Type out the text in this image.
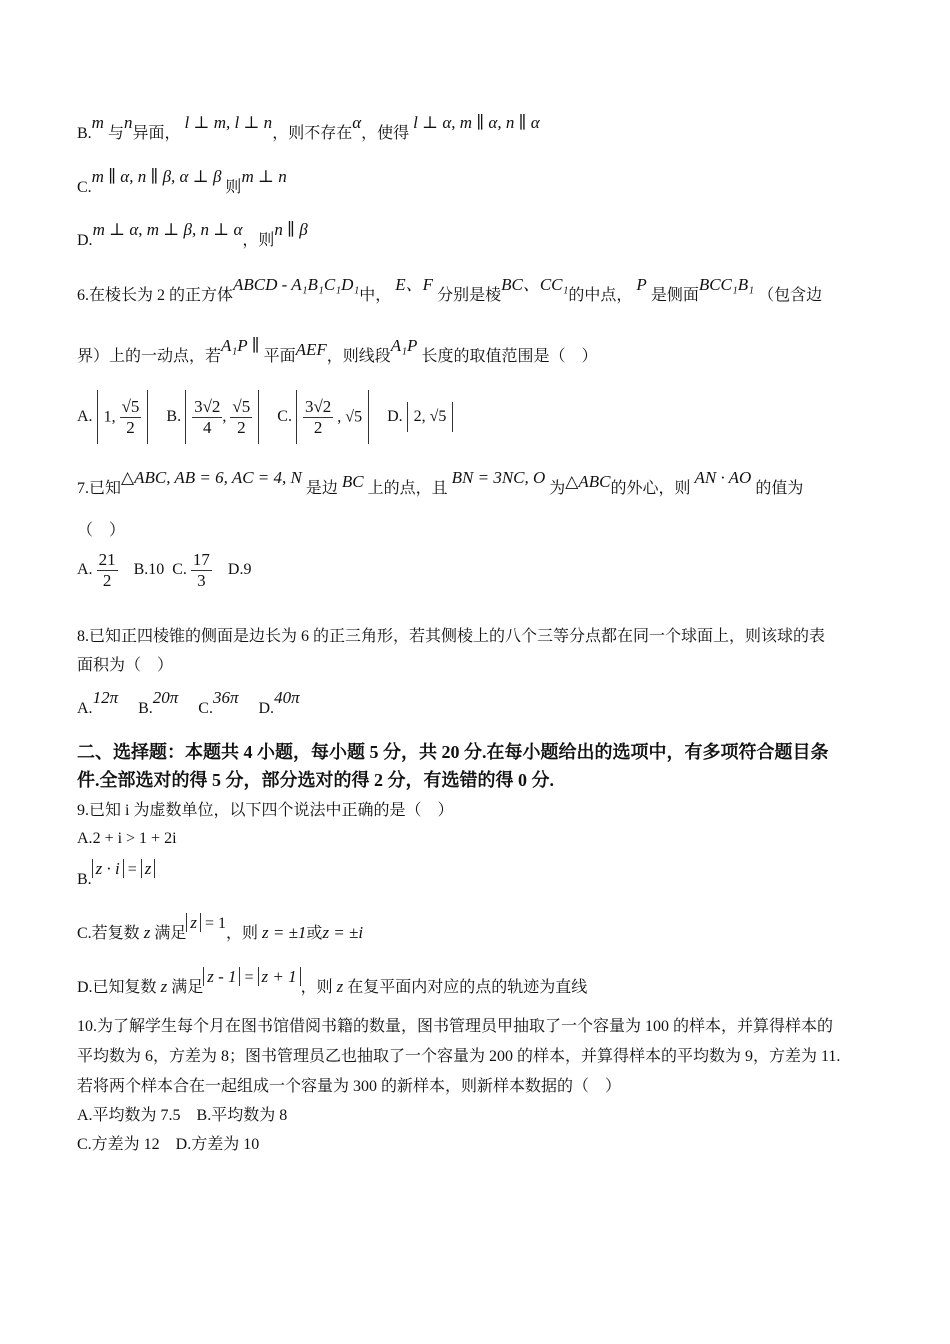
B.m 与n异面， l ⊥ m, l ⊥ n，则不存在α，使得 l ⊥ α, m ∥ α, n ∥ α
C.m ∥ α, n ∥ β, α ⊥ β 则m ⊥ n
D.m ⊥ α, m ⊥ β, n ⊥ α，则n ∥ β
6.在棱长为 2 的正方体ABCD - A₁B₁C₁D₁中， E、F 分别是棱BC、CC₁的中点， P 是侧面BCC₁B₁ （包含边
界）上的一动点，若A₁P ∥ 平面AEF，则线段A₁P 长度的取值范围是（　）
A. 1, $\frac{√5}{2} B$. $\frac{3√2}{4}$ , $\frac{√5}{2} C$. $\frac{3√2}{2}$ , √5 D. 2, √5
7.已知△ABC, AB = 6, AC = 4, N 是边 BC 上的点，且 BN = 3NC, O 为△ABC的外心，则 AN · AO 的值为
（　）
A. $\frac{21}{2} B.10$ C. $\frac{17}{3} D.9$
8.已知正四棱锥的侧面是边长为 6 的正三角形，若其侧棱上的八个三等分点都在同一个球面上，则该球的表
面积为（　）
A.12π     B.20π     C.36π     D.40π
二、选择题：本题共 4 小题，每小题 5 分，共 20 分.在每小题给出的选项中，有多项符合题目条
件.全部选对的得 5 分，部分选对的得 2 分，有选错的得 0 分.
9.已知 i 为虚数单位，以下四个说法中正确的是（　）
A.2 + i > 1 + 2i
B.z · i = z
C.若复数 z 满足z = 1，则 z = ±1或z = ±i
D.已知复数 z 满足z - 1 = z + 1，则 z 在复平面内对应的点的轨迹为直线
10.为了解学生每个月在图书馆借阅书籍的数量，图书管理员甲抽取了一个容量为 100 的样本，并算得样本的
平均数为 6，方差为 8；图书管理员乙也抽取了一个容量为 200 的样本，并算得样本的平均数为 9，方差为 11.
若将两个样本合在一起组成一个容量为 300 的新样本，则新样本数据的（　）
A.平均数为 7.5　B.平均数为 8
C.方差为 12　D.方差为 10
